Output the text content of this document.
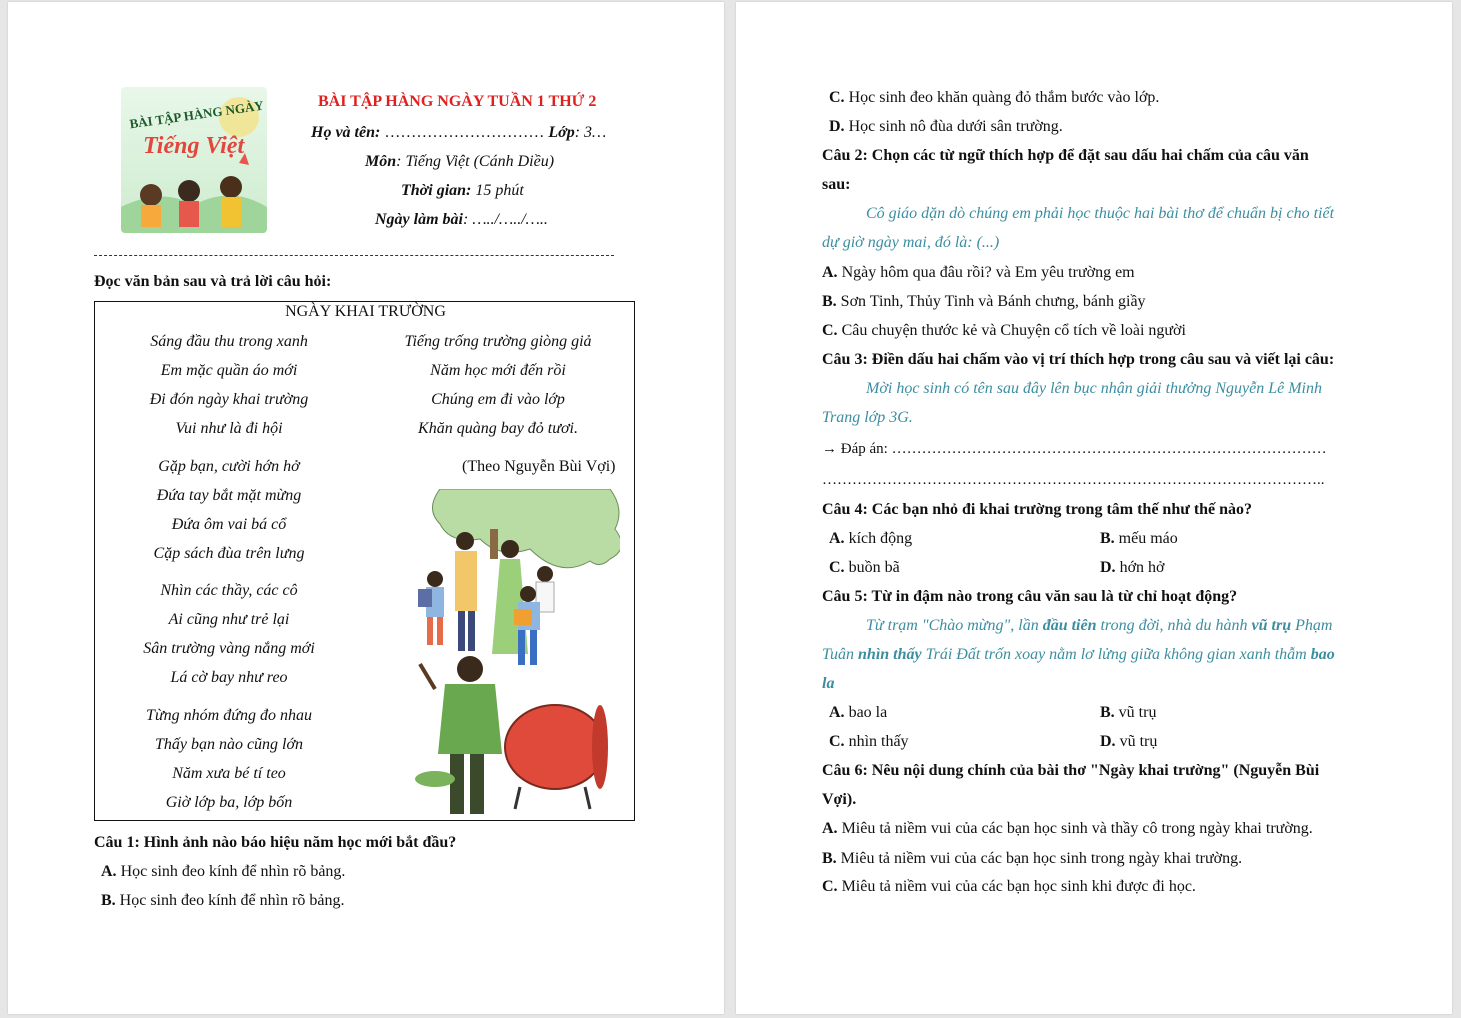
BÀI TẬP HÀNG NGÀY
Tiếng Việt
BÀI TẬP HÀNG NGÀY TUẦN 1 THỨ 2
Họ và tên: ………………………… Lớp: 3…
Môn: Tiếng Việt (Cánh Diều)
Thời gian: 15 phút
Ngày làm bài: …../…../…..
Đọc văn bản sau và trả lời câu hỏi:
NGÀY KHAI TRƯỜNG
Sáng đầu thu trong xanh
Em mặc quần áo mới
Đi đón ngày khai trường
Vui như là đi hội
Gặp bạn, cười hớn hở
Đứa tay bắt mặt mừng
Đứa ôm vai bá cổ
Cặp sách đùa trên lưng
Nhìn các thầy, các cô
Ai cũng như trẻ lại
Sân trường vàng nắng mới
Lá cờ bay như reo
Từng nhóm đứng đo nhau
Thấy bạn nào cũng lớn
Năm xưa bé tí teo
Giờ lớp ba, lớp bốn
Tiếng trống trường giòng giả
Năm học mới đến rồi
Chúng em đi vào lớp
Khăn quàng bay đỏ tươi.
(Theo Nguyễn Bùi Vợi)
Câu 1: Hình ảnh nào báo hiệu năm học mới bắt đầu?
A. Học sinh đeo kính để nhìn rõ bảng.
B. Học sinh đeo kính để nhìn rõ bảng.
C. Học sinh đeo khăn quàng đỏ thắm bước vào lớp.
D. Học sinh nô đùa dưới sân trường.
Câu 2: Chọn các từ ngữ thích hợp để đặt sau dấu hai chấm của câu văn
sau:
Cô giáo dặn dò chúng em phải học thuộc hai bài thơ để chuẩn bị cho tiết
dự giờ ngày mai, đó là: (...)
A. Ngày hôm qua đâu rồi? và Em yêu trường em
B. Sơn Tinh, Thủy Tinh và Bánh chưng, bánh giầy
C. Câu chuyện thước kẻ và Chuyện cổ tích về loài người
Câu 3: Điền dấu hai chấm vào vị trí thích hợp trong câu sau và viết lại câu:
Mời học sinh có tên sau đây lên bục nhận giải thưởng Nguyễn Lê Minh
Trang lớp 3G.
→ Đáp án: ……………………………………………………………………………
………………………………………………………………………………………..
Câu 4: Các bạn nhỏ đi khai trường trong tâm thế như thế nào?
A. kích động	B. mếu máo
C. buồn bã	D. hớn hở
Câu 5: Từ in đậm nào trong câu văn sau là từ chỉ hoạt động?
Từ trạm "Chào mừng", lần đầu tiên trong đời, nhà du hành vũ trụ Phạm
Tuân nhìn thấy Trái Đất trốn xoay nằm lơ lửng giữa không gian xanh thẫm bao
la
A. bao la	B. vũ trụ
C. nhìn thấy	D. vũ trụ
Câu 6: Nêu nội dung chính của bài thơ "Ngày khai trường" (Nguyễn Bùi
Vợi).
A. Miêu tả niềm vui của các bạn học sinh và thầy cô trong ngày khai trường.
B. Miêu tả niềm vui của các bạn học sinh trong ngày khai trường.
C. Miêu tả niềm vui của các bạn học sinh khi được đi học.
